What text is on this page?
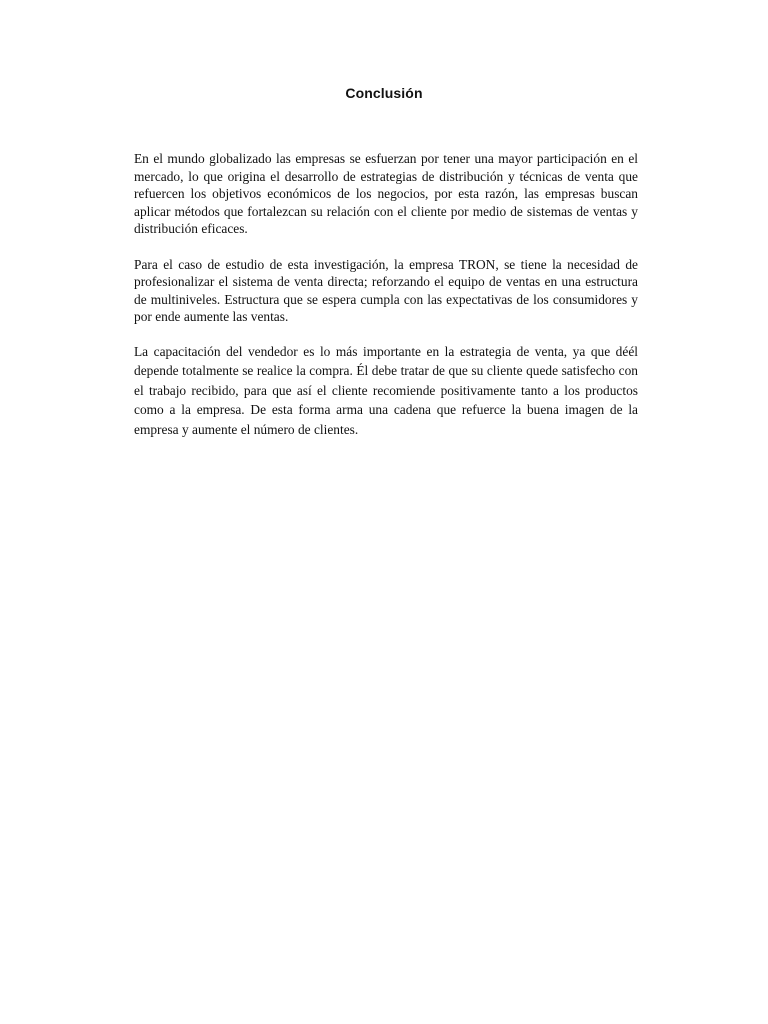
Conclusión

En el mundo globalizado las empresas se esfuerzan por tener una mayor participación en el mercado, lo que origina el desarrollo de estrategias de distribución y técnicas de venta que refuercen los objetivos económicos de los negocios, por esta razón, las empresas buscan aplicar métodos que fortalezcan su relación con el cliente por medio de sistemas de ventas y distribución eficaces.

Para el caso de estudio de esta investigación, la empresa TRON, se tiene la necesidad de profesionalizar el sistema de venta directa; reforzando el equipo de ventas en una estructura de multiniveles. Estructura que se espera cumpla con las expectativas de los consumidores y por ende aumente las ventas.

La capacitación del vendedor es lo más importante en la estrategia de venta, ya que déél depende totalmente se realice la compra. Él debe tratar de que su cliente quede satisfecho con el trabajo recibido, para que así el cliente recomiende positivamente tanto a los productos como a la empresa. De esta forma arma una cadena que refuerce la buena imagen de la empresa y aumente el número de clientes.
